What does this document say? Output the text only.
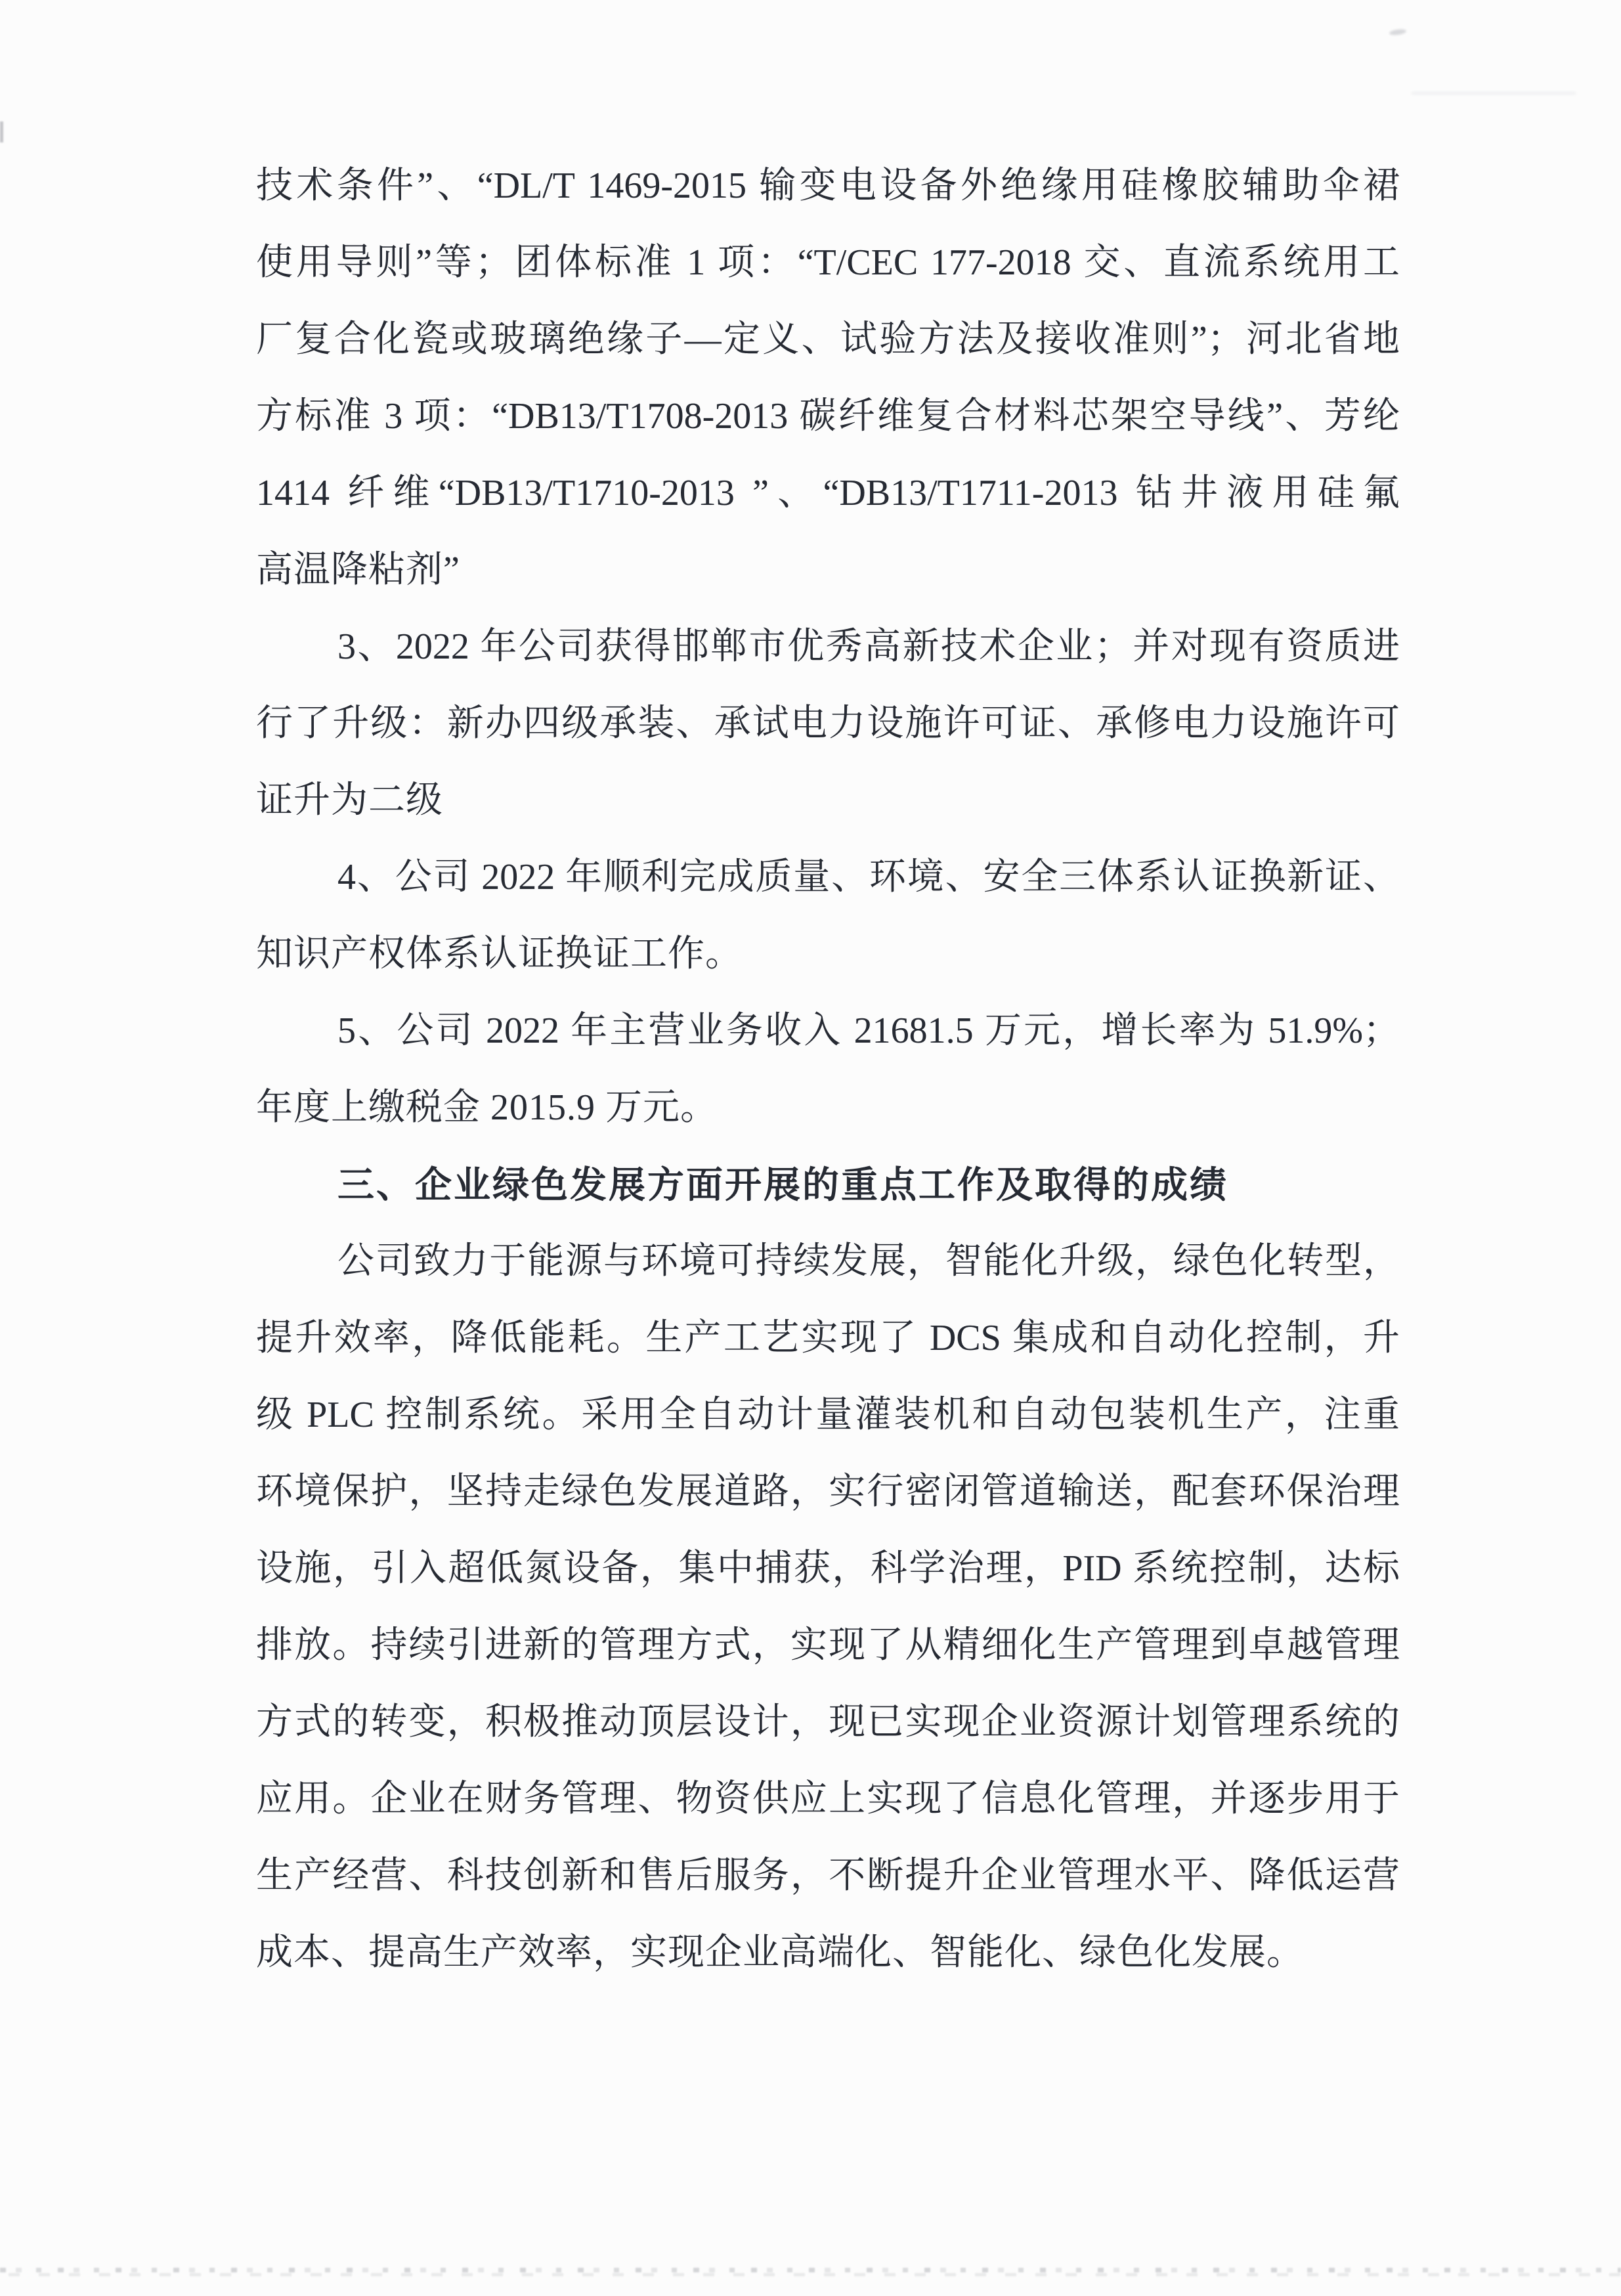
技术条件”、“DL/T 1469-2015 输变电设备外绝缘用硅橡胶辅助伞裙
使用导则”等；团体标准 1 项：“T/CEC 177-2018 交、直流系统用工
厂复合化瓷或玻璃绝缘子—定义、试验方法及接收准则”；河北省地
方标准 3 项：“DB13/T1708-2013 碳纤维复合材料芯架空导线”、芳纶
1414 纤维“DB13/T1710-2013 ”、“DB13/T1711-2013 钻井液用硅氟
高温降粘剂”
3、2022 年公司获得邯郸市优秀高新技术企业；并对现有资质进
行了升级：新办四级承装、承试电力设施许可证、承修电力设施许可
证升为二级
4、公司 2022 年顺利完成质量、环境、安全三体系认证换新证、
知识产权体系认证换证工作。
5、公司 2022 年主营业务收入 21681.5 万元，增长率为 51.9%；
年度上缴税金 2015.9 万元。
三、企业绿色发展方面开展的重点工作及取得的成绩
公司致力于能源与环境可持续发展，智能化升级，绿色化转型，
提升效率，降低能耗。生产工艺实现了 DCS 集成和自动化控制，升
级 PLC 控制系统。采用全自动计量灌装机和自动包装机生产，注重
环境保护，坚持走绿色发展道路，实行密闭管道输送，配套环保治理
设施，引入超低氮设备，集中捕获，科学治理，PID 系统控制，达标
排放。持续引进新的管理方式，实现了从精细化生产管理到卓越管理
方式的转变，积极推动顶层设计，现已实现企业资源计划管理系统的
应用。企业在财务管理、物资供应上实现了信息化管理，并逐步用于
生产经营、科技创新和售后服务，不断提升企业管理水平、降低运营
成本、提高生产效率，实现企业高端化、智能化、绿色化发展。
